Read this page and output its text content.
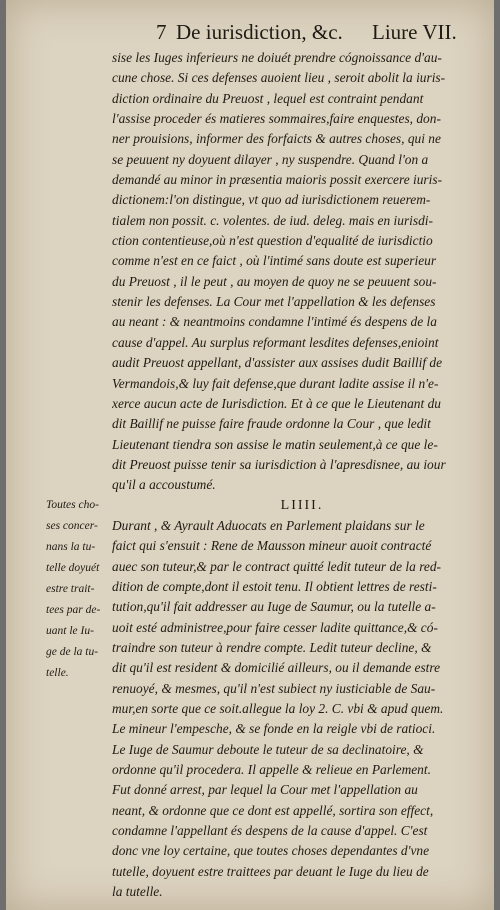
7 De iurisdiction, &c. Liure VII.
sise les Iuges inferieurs ne doiuét prendre cógnoissance d'au-
cune chose. Si ces defenses auoient lieu , seroit abolit la iuris-
diction ordinaire du Preuost , lequel est contraint pendant
l'assise proceder és matieres sommaires,faire enquestes, don-
ner prouisions, informer des forfaicts & autres choses, qui ne
se peuuent ny doyuent dilayer , ny suspendre. Quand l'on a
demandé au minor in præsentia maioris possit exercere iuris-
dictionem:l'on distingue, vt quo ad iurisdictionem reuerem-
tialem non possit. c. volentes. de iud. deleg. mais en iurisdi-
ction contentieuse,où n'est question d'equalité de iurisdictio
comme n'est en ce faict , où l'intimé sans doute est superieur
du Preuost , il le peut , au moyen de quoy ne se peuuent sou-
stenir les defenses. La Cour met l'appellation & les defenses
au neant : & neantmoins condamne l'intimé és despens de la
cause d'appel. Au surplus reformant lesdites defenses,enioint
audit Preuost appellant, d'assister aux assises dudit Baillif de
Vermandois,& luy fait defense,que durant ladite assise il n'e-
xerce aucun acte de Iurisdiction. Et à ce que le Lieutenant du
dit Baillif ne puisse faire fraude ordonne la Cour , que ledit
Lieutenant tiendra son assise le matin seulement,à ce que le-
dit Preuost puisse tenir sa iurisdiction à l'apresdisnee, au iour
qu'il a accoustumé.
LIIII.
Durant , & Ayrault Aduocats en Parlement plaidans sur le
faict qui s'ensuit : Rene de Mausson mineur auoit contracté
auec son tuteur,& par le contract quitté ledit tuteur de la red-
dition de compte,dont il estoit tenu. Il obtient lettres de resti-
tution,qu'il fait addresser au Iuge de Saumur, ou la tutelle a-
uoit esté administree,pour faire cesser ladite quittance,& có-
traindre son tuteur à rendre compte. Ledit tuteur decline, &
dit qu'il est resident & domicilié ailleurs, ou il demande estre
renuoyé, & mesmes, qu'il n'est subiect ny iusticiable de Sau-
mur,en sorte que ce soit.allegue la loy 2. C. vbi & apud quem.
Le mineur l'empesche, & se fonde en la reigle vbi de ratioci.
Le Iuge de Saumur deboute le tuteur de sa declinatoire, &
ordonne qu'il procedera. Il appelle & relieue en Parlement.
Fut donné arrest, par lequel la Cour met l'appellation au
neant, & ordonne que ce dont est appellé, sortira son effect,
condamne l'appellant és despens de la cause d'appel. C'est
donc vne loy certaine, que toutes choses dependantes d'vne
tutelle, doyuent estre traittees par deuant le Iuge du lieu de
la tutelle.
Toutes cho-
ses concer-
nans la tu-
telle doyuét
estre trait-
tees par de-
uant le Iu-
ge de la tu-
telle.
